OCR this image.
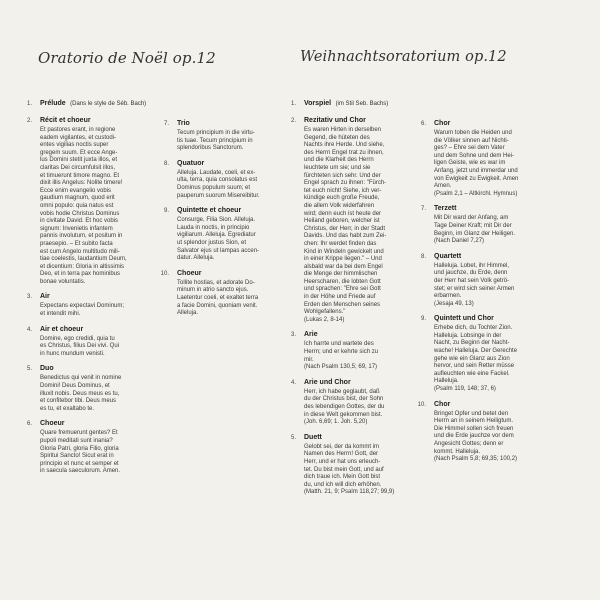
Oratorio de Noël op.12	Weihnachtsoratorium op.12
1. Prélude
(Dans le style de Séb. Bach)
2. Récit et choeur
Et pastores erant, in regione
eadem vigilantes, et custodi-
entes vigilias noctis super
gregem suum. Et ecce Ange-
lus Domini stetit juxta illos, et
claritas Dei circumfulsit illos,
et timuerunt timore magno. Et
dixit illis Angelus: Nolite timere!
Ecce enim evangelio vobis
gaudium magnum, quod erit
omni populo: quia natus est
vobis hodie Christus Dominus
in civitate David. Et hoc vobis
signum: Invenietis infantem
pannis involutum, et positum in
praesepio. – Et subito facta
est cum Angelo multitudo mili-
tiae coelestis, laudantium Deum,
et dicentium: Gloria in altissimis
Deo, et in terra pax hominibus
bonae voluntatis.
3. Air
Expectans expectavi Dominum;
et intendit mihi.
4. Air et choeur
Domine, ego credidi, quia tu
es Christus, filius Dei vivi. Qui
in hunc mundum venisti.
5. Duo
Benedictus qui venit in nomine
Domini! Deus Dominus, et
illuxit nobis. Deus meus es tu,
et confitebor tibi. Deus meus
es tu, et exaltabo te.
6. Choeur
Quare fremuerunt gentes? Et
pupoli meditati sunt inania?
Gloria Patri, gloria Filio, gloria
Spiritui Sancto! Sicut erat in
principio et nunc et semper et
in saecula saeculorum. Amen.
7. Trio
Tecum principium in die virtu-
tis tuae. Tecum principium in
splendoribus Sanctorum.
8. Quatuor
Alleluja. Laudate, coeli, et ex-
ulta, terra, quia consolatus est
Dominus populum suum; et
pauperum suorum Misereibitur.
9. Quintette et choeur
Consurge, Filia Sion. Alleluja.
Lauda in noctis, in principio
vigiliarum. Alleluja. Egrediatur
ut splendor justus Sion, et
Salvator ejus ut lampas accen-
datur. Alleluja.
10. Choeur
Tollite hostias, et adorate Do-
minum in atrio sancto ejus.
Laetentur coeli, et exaltet terra
a facie Domini, quoniam venit.
Alleluja.
1. Vorspiel
(im Stil Seb. Bachs)
2. Rezitativ und Chor
Es waren Hirten in derselben
Gegend, die hüteten des
Nachts ihre Herde. Und siehe,
des Herrn Engel trat zu ihnen,
und die Klarheit des Herrn
leuchtete um sie; und sie
fürchteten sich sehr. Und der
Engel sprach zu ihnen: "Fürch-
tet euch nicht! Siehe, ich ver-
kündige euch große Freude,
die allem Volk widerfahren
wird; denn euch ist heute der
Heiland geboren, welcher ist
Christus, der Herr, in der Stadt
Davids. Und das habt zum Zei-
chen: Ihr werdet finden das
Kind in Windeln gewickelt und
in einer Krippe liegen." – Und
alsbald war da bei dem Engel
die Menge der himmlischen
Heerscharen, die lobten Gott
und sprachen: "Ehre sei Gott
in der Höhe und Friede auf
Erden den Menschen seines
Wohlgefallens."
(Lukas 2, 8-14)
3. Arie
Ich harrte und wartete des
Herrn; und er kehrte sich zu
mir.
(Nach Psalm 130,5; 69, 17)
4. Arie und Chor
Herr, ich habe geglaubt, daß
du der Christus bist, der Sohn
des lebendigen Gottes, der du
in diese Welt gekommen bist.
(Joh. 6,69; 1. Joh. 5,20)
5. Duett
Gelobt sei, der da kommt im
Namen des Herrn! Gott, der
Herr, und er hat uns erleuch-
tet. Du bist mein Gott, und auf
dich traue ich. Mein Gott bist
du, und ich will dich erhöhen.
(Matth. 21, 9; Psalm 118,27; 99,9)
6. Chor
Warum toben die Heiden und
die Völker sinnen auf Nichti-
ges? – Ehre sei dem Vater
und dem Sohne und dem Hei-
ligen Geiste, wie es war im
Anfang, jetzt und immerdar und
von Ewigkeit zu Ewigkeit. Amen
Amen.
(Psalm 2,1 – Altkirchl. Hymnus)
7. Terzett
Mit Dir ward der Anfang, am
Tage Deiner Kraft; mit Dir der
Beginn, im Glanz der Heiligen.
(Nach Daniel 7,27)
8. Quartett
Halleluja. Lobet, ihr Himmel,
und jauchze, du Erde, denn
der Herr hat sein Volk getrö-
stet; er wird sich seiner Armen
erbarmen.
(Jesaja 49, 13)
9. Quintett und Chor
Erhebe dich, du Tochter Zion.
Halleluja. Lobsinge in der
Nacht, zu Beginn der Nacht-
wache! Halleluja. Der Gerechte
gehe wie ein Glanz aus Zion
hervor, und sein Retter müsse
aufleuchten wie eine Fackel.
Halleluja.
(Psalm 119, 148; 37, 6)
10. Chor
Bringet Opfer und betet den
Herrn an in seinem Heiligtum.
Die Himmel sollen sich freuen
und die Erde jauchze vor dem
Angesicht Gottes; denn er
kommt. Halleluja.
(Nach Psalm 5,8; 69,35; 100,2)
